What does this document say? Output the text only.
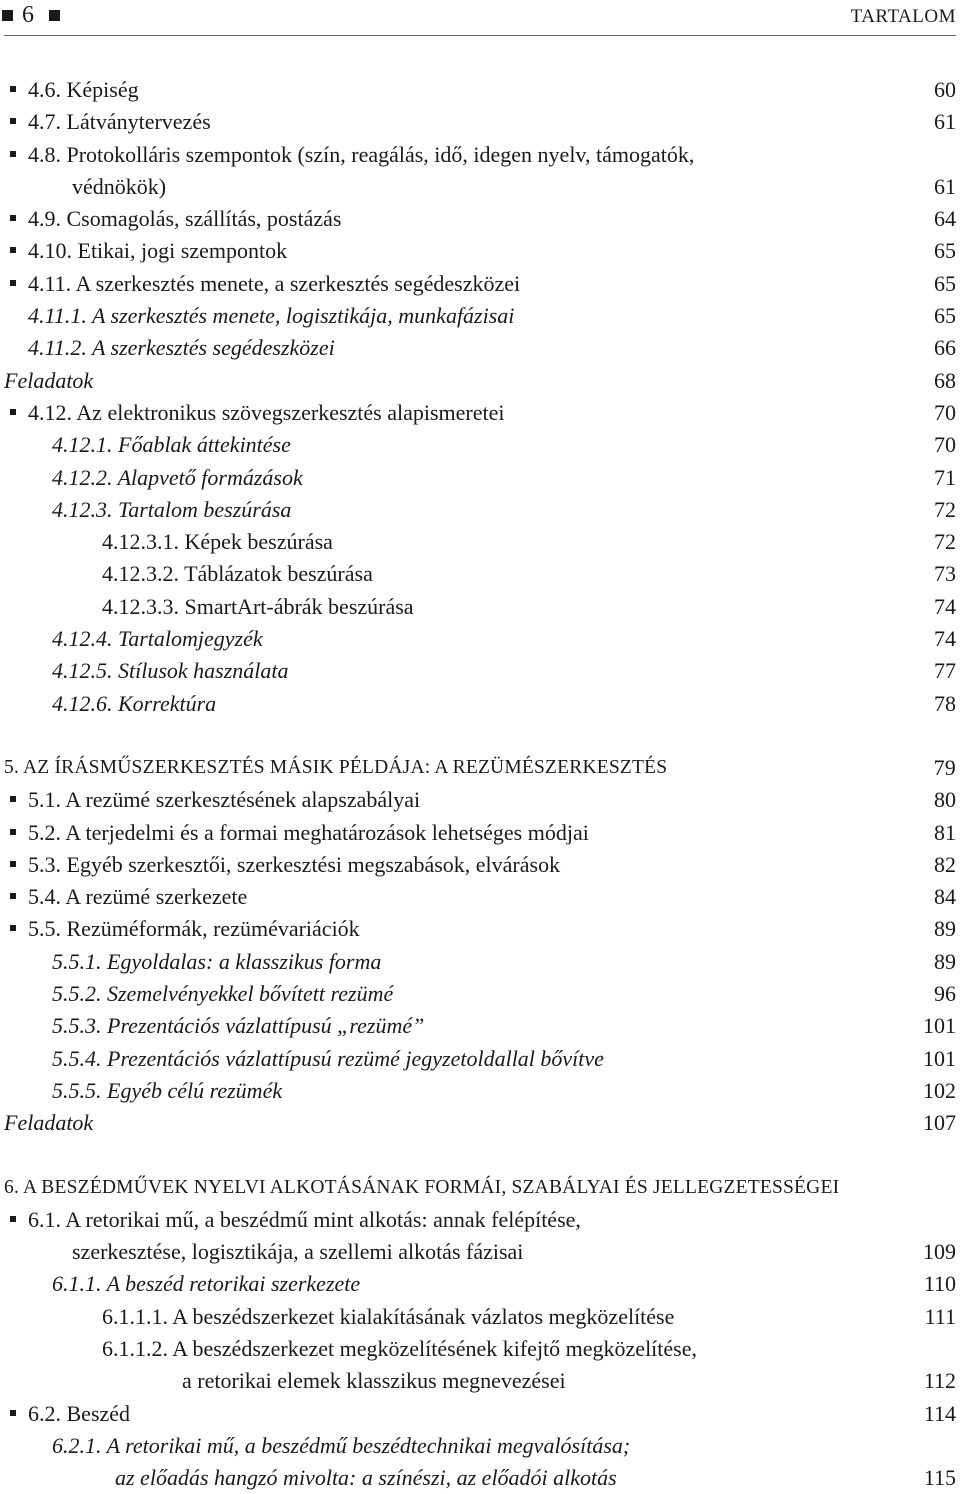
6	TARTALOM
4.6. Képiség	60
4.7. Látványtervezés	61
4.8. Protokolláris szempontok (szín, reagálás, idő, idegen nyelv, támogatók,
védnökök)	61
4.9. Csomagolás, szállítás, postázás	64
4.10. Etikai, jogi szempontok	65
4.11. A szerkesztés menete, a szerkesztés segédeszközei	65
4.11.1. A szerkesztés menete, logisztikája, munkafázisai	65
4.11.2. A szerkesztés segédeszközei	66
Feladatok	68
4.12. Az elektronikus szövegszerkesztés alapismeretei	70
4.12.1. Főablak áttekintése	70
4.12.2. Alapvető formázások	71
4.12.3. Tartalom beszúrása	72
4.12.3.1. Képek beszúrása	72
4.12.3.2. Táblázatok beszúrása	73
4.12.3.3. SmartArt-ábrák beszúrása	74
4.12.4. Tartalomjegyzék	74
4.12.5. Stílusok használata	77
4.12.6. Korrektúra	78
5. AZ ÍRÁSMŰSZERKESZTÉS MÁSIK PÉLDÁJA: A REZÜMÉSZERKESZTÉS	79
5.1. A rezümé szerkesztésének alapszabályai	80
5.2. A terjedelmi és a formai meghatározások lehetséges módjai	81
5.3. Egyéb szerkesztői, szerkesztési megszabások, elvárások	82
5.4. A rezümé szerkezete	84
5.5. Rezüméformák, rezümévariációk	89
5.5.1. Egyoldalas: a klasszikus forma	89
5.5.2. Szemelvényekkel bővített rezümé	96
5.5.3. Prezentációs vázlattípusú „rezümé”	101
5.5.4. Prezentációs vázlattípusú rezümé jegyzetoldallal bővítve	101
5.5.5. Egyéb célú rezümék	102
Feladatok	107
6. A BESZÉDMŰVEK NYELVI ALKOTÁSÁNAK FORMÁI, SZABÁLYAI ÉS JELLEGZETESSÉGEI
6.1. A retorikai mű, a beszédmű mint alkotás: annak felépítése,
szerkesztése, logisztikája, a szellemi alkotás fázisai	109
6.1.1. A beszéd retorikai szerkezete	110
6.1.1.1. A beszédszerkezet kialakításának vázlatos megközelítése	111
6.1.1.2. A beszédszerkezet megközelítésének kifejtő megközelítése,
a retorikai elemek klasszikus megnevezései	112
6.2. Beszéd	114
6.2.1. A retorikai mű, a beszédmű beszédtechnikai megvalósítása;
az előadás hangzó mivolta: a színészi, az előadói alkotás	115
